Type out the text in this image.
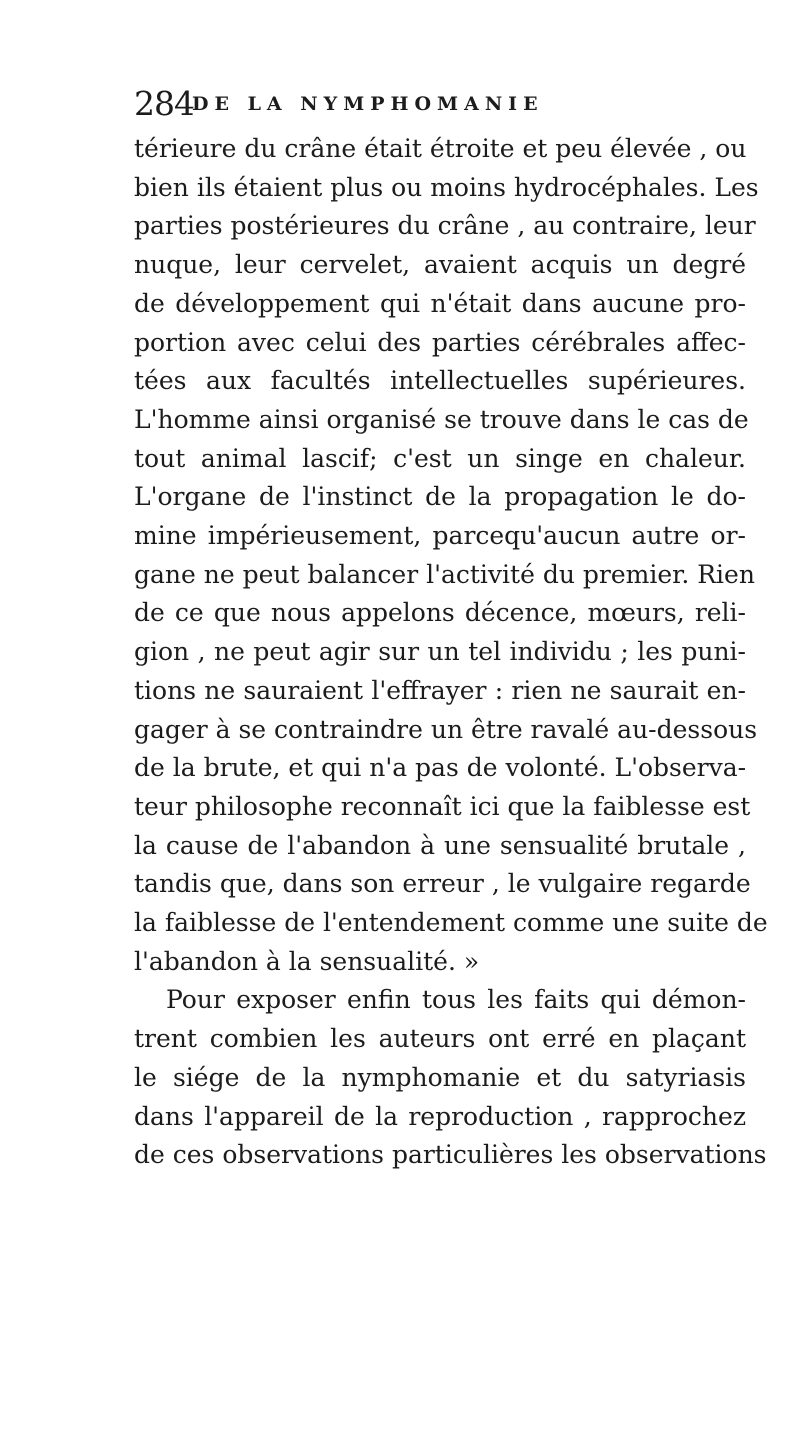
284
DE LA NYMPHOMANIE
térieure du crâne était étroite et peu élevée , ou
bien ils étaient plus ou moins hydrocéphales. Les
parties postérieures du crâne , au contraire, leur
nuque, leur cervelet, avaient acquis un degré
de développement qui n'était dans aucune pro-
portion avec celui des parties cérébrales affec-
tées aux facultés intellectuelles supérieures.
L'homme ainsi organisé se trouve dans le cas de
tout animal lascif; c'est un singe en chaleur.
L'organe de l'instinct de la propagation le do-
mine impérieusement, parcequ'aucun autre or-
gane ne peut balancer l'activité du premier. Rien
de ce que nous appelons décence, mœurs, reli-
gion , ne peut agir sur un tel individu ; les puni-
tions ne sauraient l'effrayer : rien ne saurait en-
gager à se contraindre un être ravalé au-dessous
de la brute, et qui n'a pas de volonté. L'observa-
teur philosophe reconnaît ici que la faiblesse est
la cause de l'abandon à une sensualité brutale ,
tandis que, dans son erreur , le vulgaire regarde
la faiblesse de l'entendement comme une suite de
l'abandon à la sensualité. »
Pour exposer enfin tous les faits qui démon-
trent combien les auteurs ont erré en plaçant
le siége de la nymphomanie et du satyriasis
dans l'appareil de la reproduction , rapprochez
de ces observations particulières les observations
